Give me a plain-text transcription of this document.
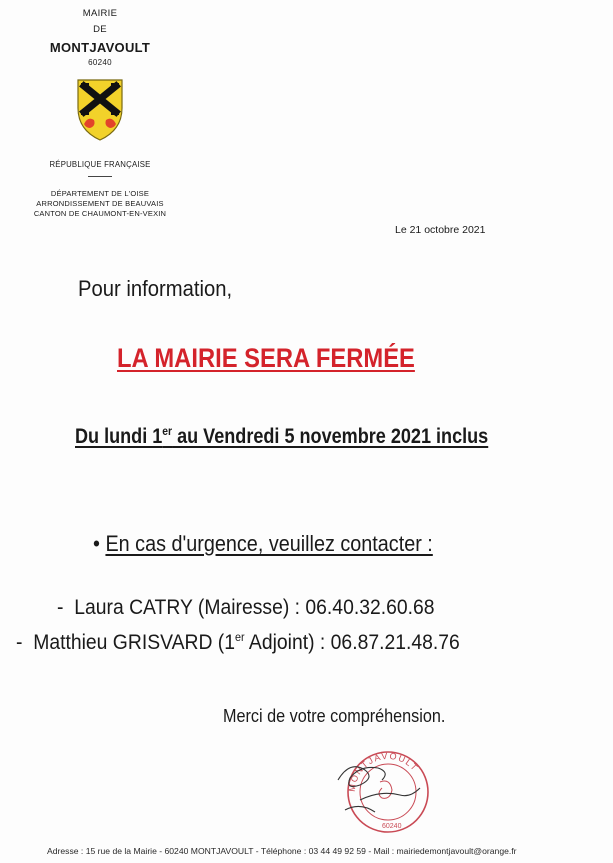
MAIRIE
DE
MONTJAVOULT
60240
RÉPUBLIQUE FRANÇAISE
DÉPARTEMENT DE L'OISE
ARRONDISSEMENT DE BEAUVAIS
CANTON DE CHAUMONT-EN-VEXIN
Le 21 octobre 2021
Pour information,
LA MAIRIE SERA FERMÉE
Du lundi 1er au Vendredi 5 novembre 2021 inclus
• En cas d'urgence, veuillez contacter :
- Laura CATRY (Mairesse) : 06.40.32.60.68
- Matthieu GRISVARD (1er Adjoint) : 06.87.21.48.76
Merci de votre compréhension.
MONTJAVOULT
60240
Adresse : 15 rue de la Mairie - 60240 MONTJAVOULT - Téléphone : 03 44 49 92 59 - Mail : mairiedemontjavoult@orange.fr
